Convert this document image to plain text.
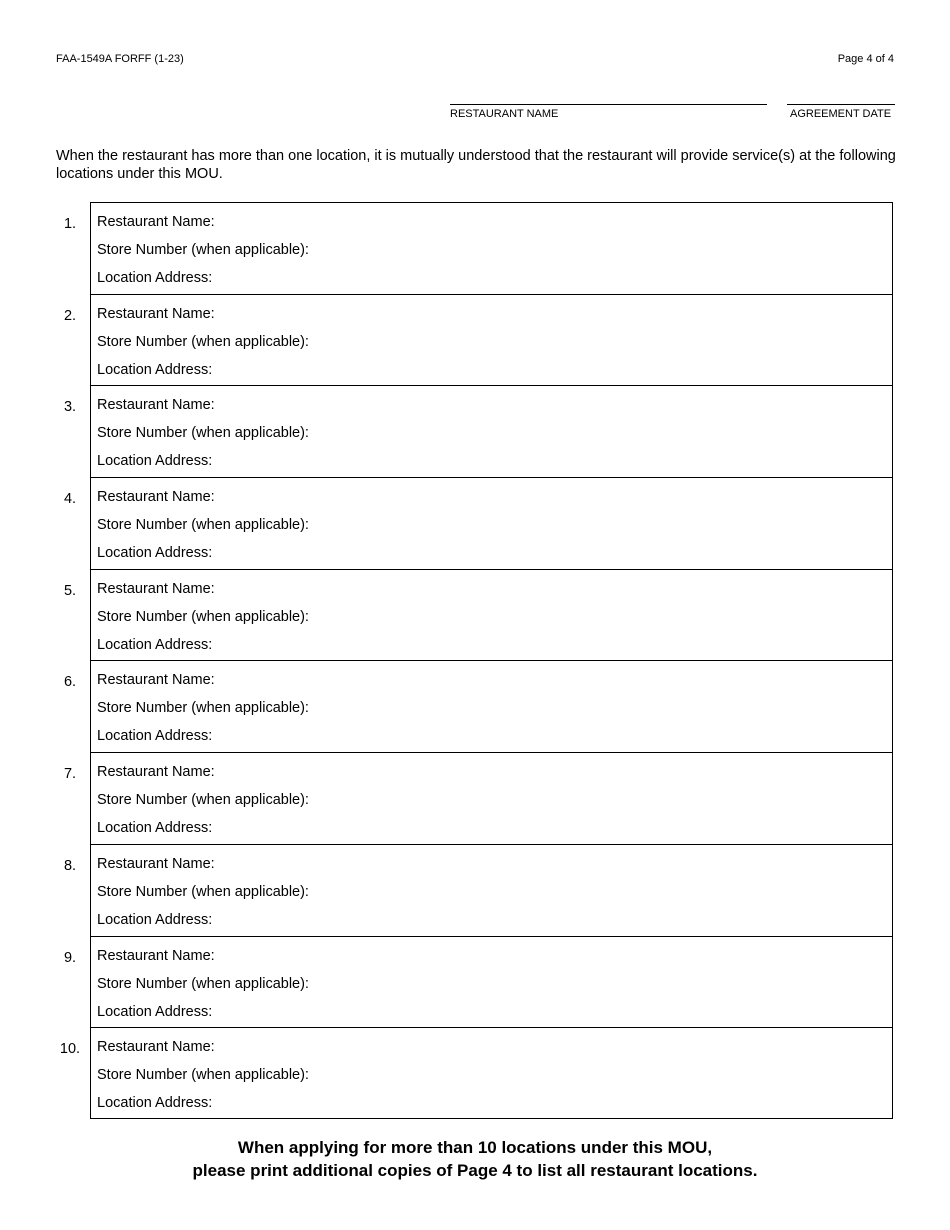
FAA-1549A FORFF (1-23)	Page 4 of 4
RESTAURANT NAME	AGREEMENT DATE
When the restaurant has more than one location, it is mutually understood that the restaurant will provide service(s) at the following locations under this MOU.
1.	Restaurant Name:
Store Number (when applicable):
Location Address:
2.	Restaurant Name:
Store Number (when applicable):
Location Address:
3.	Restaurant Name:
Store Number (when applicable):
Location Address:
4.	Restaurant Name:
Store Number (when applicable):
Location Address:
5.	Restaurant Name:
Store Number (when applicable):
Location Address:
6.	Restaurant Name:
Store Number (when applicable):
Location Address:
7.	Restaurant Name:
Store Number (when applicable):
Location Address:
8.	Restaurant Name:
Store Number (when applicable):
Location Address:
9.	Restaurant Name:
Store Number (when applicable):
Location Address:
10. Restaurant Name:
Store Number (when applicable):
Location Address:
When applying for more than 10 locations under this MOU,
please print additional copies of Page 4 to list all restaurant locations.
